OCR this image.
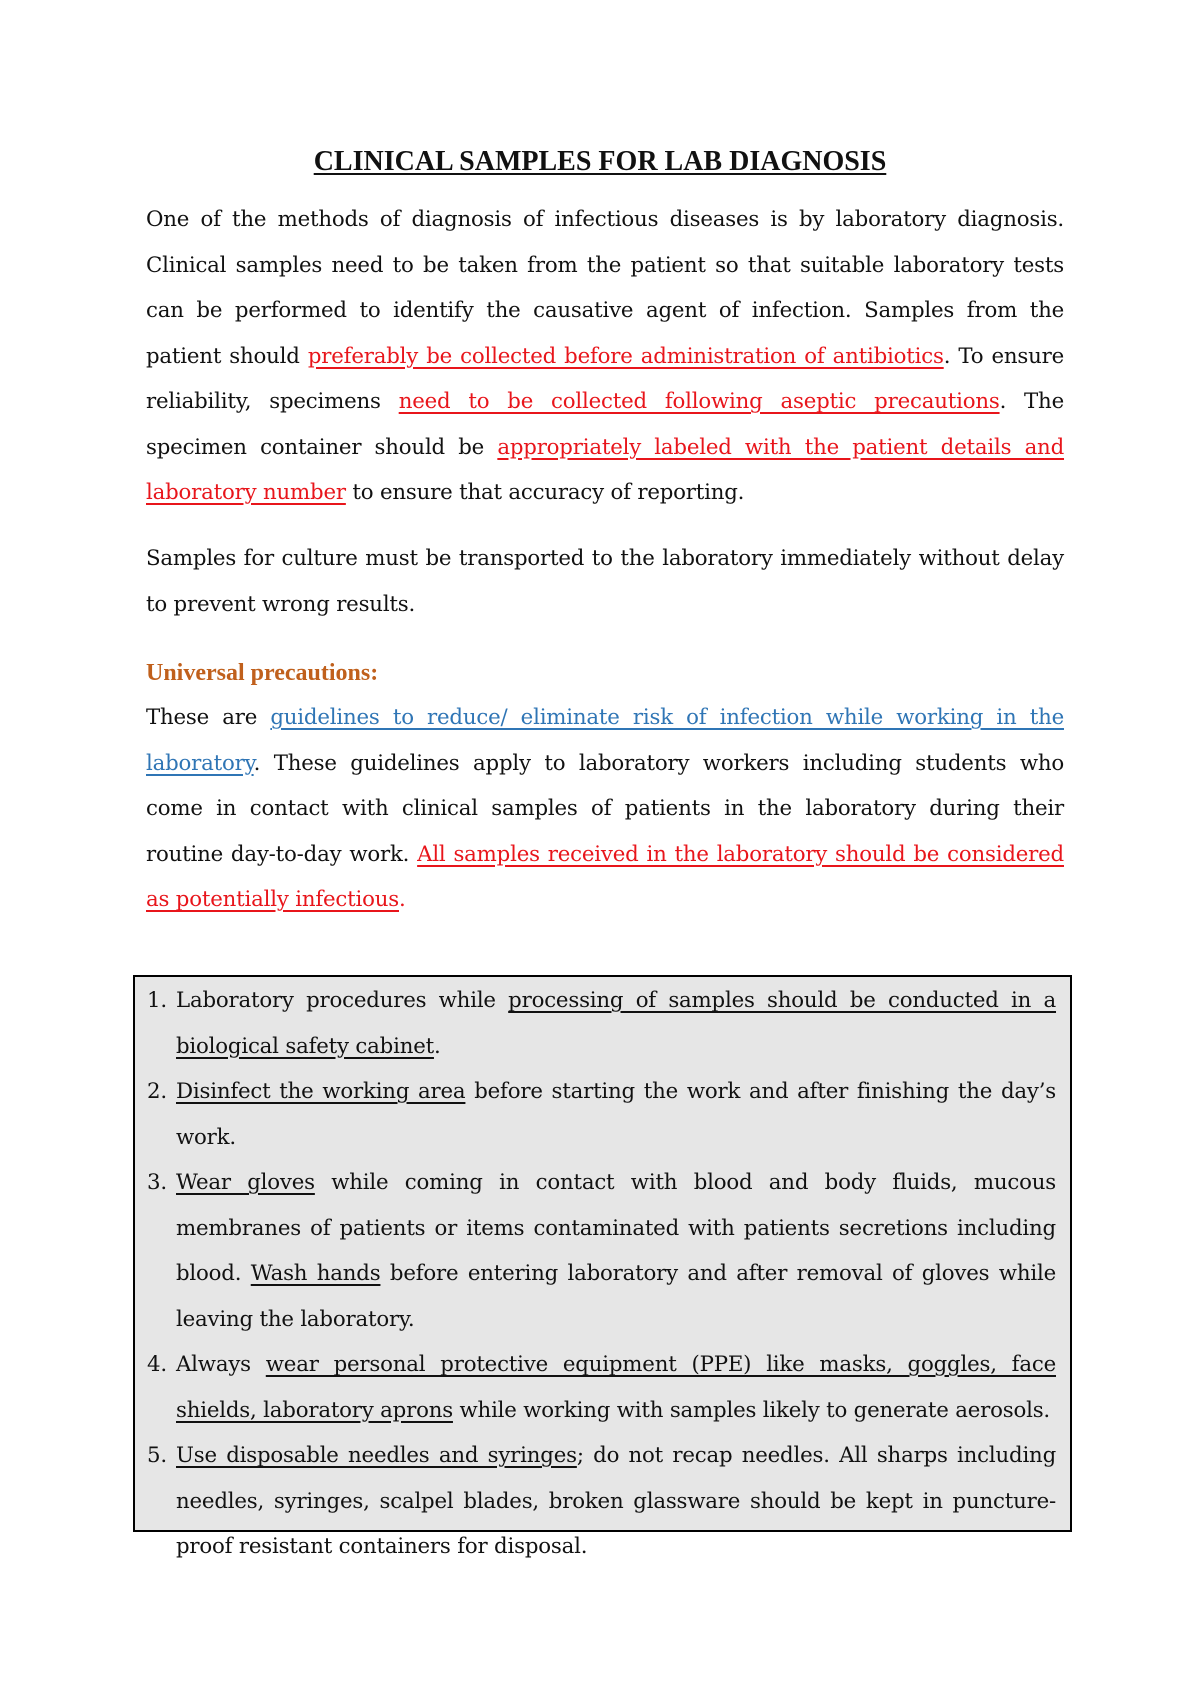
CLINICAL SAMPLES FOR LAB DIAGNOSIS

One of the methods of diagnosis of infectious diseases is by laboratory diagnosis. Clinical samples need to be taken from the patient so that suitable laboratory tests can be performed to identify the causative agent of infection. Samples from the patient should preferably be collected before administration of antibiotics. To ensure reliability, specimens need to be collected following aseptic precautions. The specimen container should be appropriately labeled with the patient details and laboratory number to ensure that accuracy of reporting.

Samples for culture must be transported to the laboratory immediately without delay to prevent wrong results.

Universal precautions:

These are guidelines to reduce/ eliminate risk of infection while working in the laboratory. These guidelines apply to laboratory workers including students who come in contact with clinical samples of patients in the laboratory during their routine day-to-day work. All samples received in the laboratory should be considered as potentially infectious.

1. Laboratory procedures while processing of samples should be conducted in a biological safety cabinet.
2. Disinfect the working area before starting the work and after finishing the day’s work.
3. Wear gloves while coming in contact with blood and body fluids, mucous membranes of patients or items contaminated with patients secretions including blood. Wash hands before entering laboratory and after removal of gloves while leaving the laboratory.
4. Always wear personal protective equipment (PPE) like masks, goggles, face shields, laboratory aprons while working with samples likely to generate aerosols.
5. Use disposable needles and syringes; do not recap needles. All sharps including needles, syringes, scalpel blades, broken glassware should be kept in puncture-proof resistant containers for disposal.
